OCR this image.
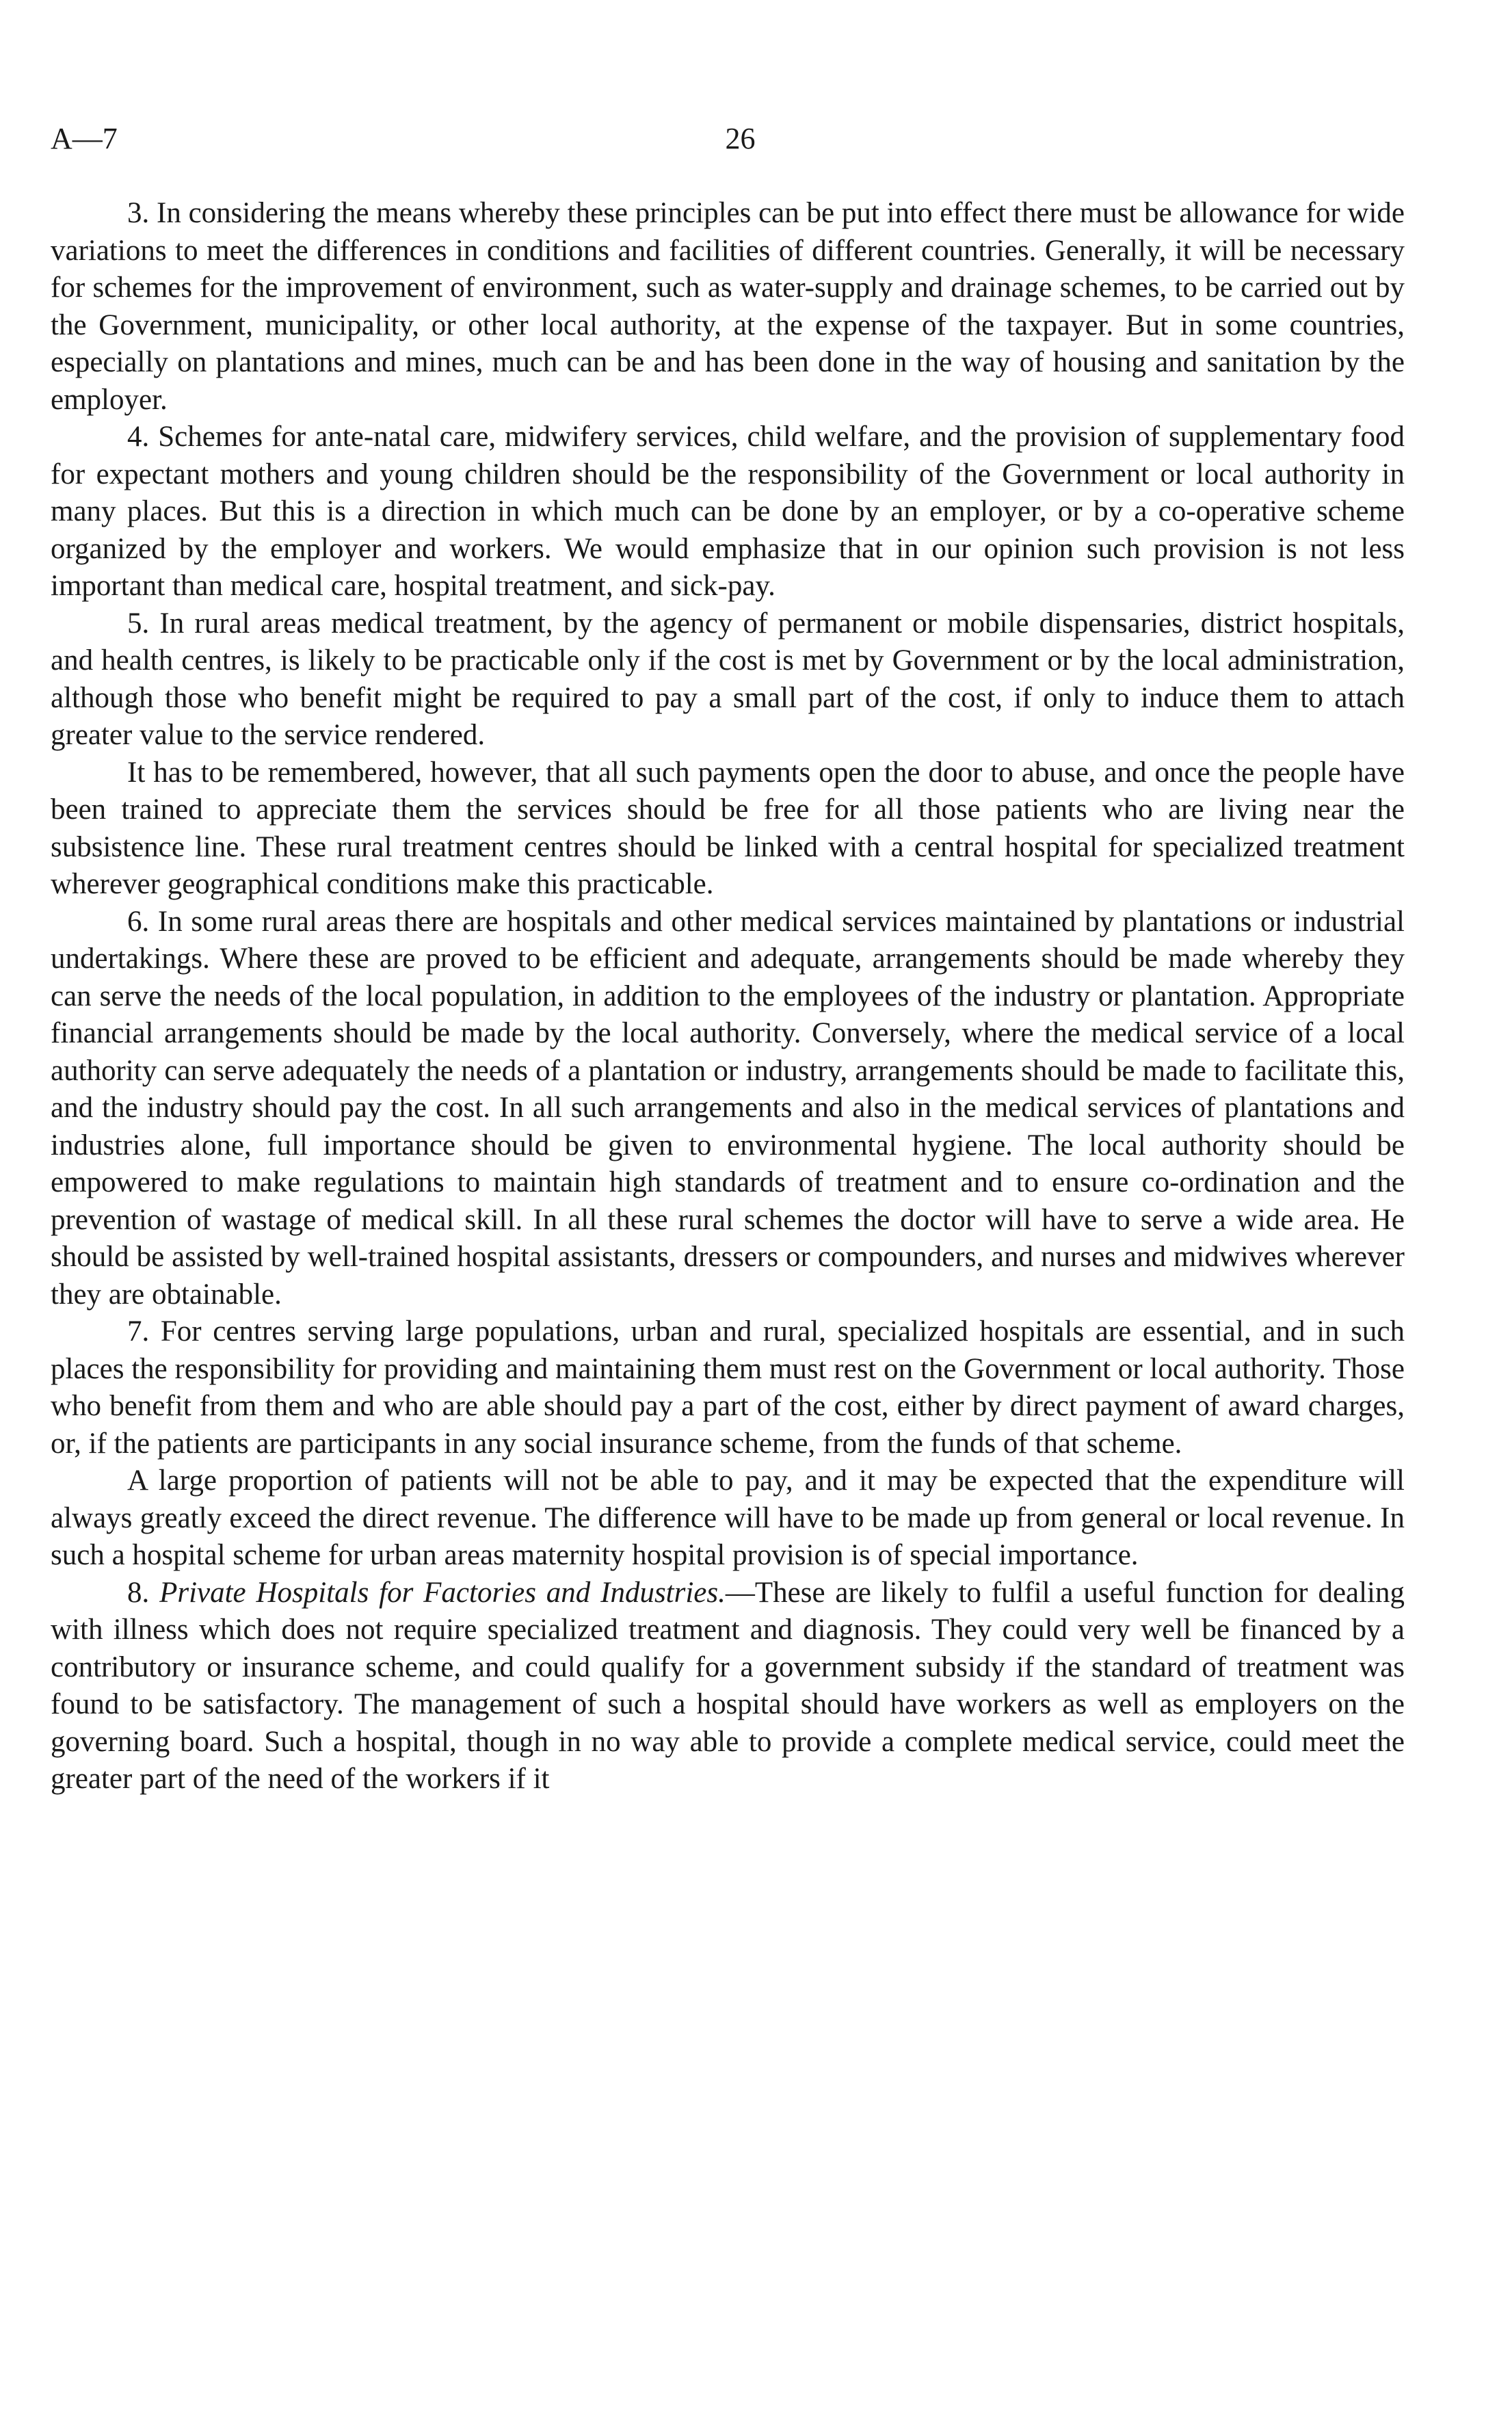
A—7	26

3. In considering the means whereby these principles can be put into effect there must be allowance for wide variations to meet the differences in conditions and facilities of different countries. Generally, it will be necessary for schemes for the improvement of environment, such as water-supply and drainage schemes, to be carried out by the Government, municipality, or other local authority, at the expense of the taxpayer. But in some countries, especially on plantations and mines, much can be and has been done in the way of housing and sanitation by the employer.

4. Schemes for ante-natal care, midwifery services, child welfare, and the provision of supplementary food for expectant mothers and young children should be the responsibility of the Government or local authority in many places. But this is a direction in which much can be done by an employer, or by a co-operative scheme organized by the employer and workers. We would emphasize that in our opinion such provision is not less important than medical care, hospital treatment, and sick-pay.

5. In rural areas medical treatment, by the agency of permanent or mobile dispensaries, district hospitals, and health centres, is likely to be practicable only if the cost is met by Government or by the local administration, although those who benefit might be required to pay a small part of the cost, if only to induce them to attach greater value to the service rendered.

It has to be remembered, however, that all such payments open the door to abuse, and once the people have been trained to appreciate them the services should be free for all those patients who are living near the subsistence line. These rural treatment centres should be linked with a central hospital for specialized treatment wherever geographical conditions make this practicable.

6. In some rural areas there are hospitals and other medical services maintained by plantations or industrial undertakings. Where these are proved to be efficient and adequate, arrangements should be made whereby they can serve the needs of the local population, in addition to the employees of the industry or plantation. Appropriate financial arrangements should be made by the local authority. Conversely, where the medical service of a local authority can serve adequately the needs of a plantation or industry, arrangements should be made to facilitate this, and the industry should pay the cost. In all such arrangements and also in the medical services of plantations and industries alone, full importance should be given to environmental hygiene. The local authority should be empowered to make regulations to maintain high standards of treatment and to ensure co-ordination and the prevention of wastage of medical skill. In all these rural schemes the doctor will have to serve a wide area. He should be assisted by well-trained hospital assistants, dressers or compounders, and nurses and midwives wherever they are obtainable.

7. For centres serving large populations, urban and rural, specialized hospitals are essential, and in such places the responsibility for providing and maintaining them must rest on the Government or local authority. Those who benefit from them and who are able should pay a part of the cost, either by direct payment of award charges, or, if the patients are participants in any social insurance scheme, from the funds of that scheme.

A large proportion of patients will not be able to pay, and it may be expected that the expenditure will always greatly exceed the direct revenue. The difference will have to be made up from general or local revenue. In such a hospital scheme for urban areas maternity hospital provision is of special importance.

8. Private Hospitals for Factories and Industries.—These are likely to fulfil a useful function for dealing with illness which does not require specialized treatment and diagnosis. They could very well be financed by a contributory or insurance scheme, and could qualify for a government subsidy if the standard of treatment was found to be satisfactory. The management of such a hospital should have workers as well as employers on the governing board. Such a hospital, though in no way able to provide a complete medical service, could meet the greater part of the need of the workers if it
